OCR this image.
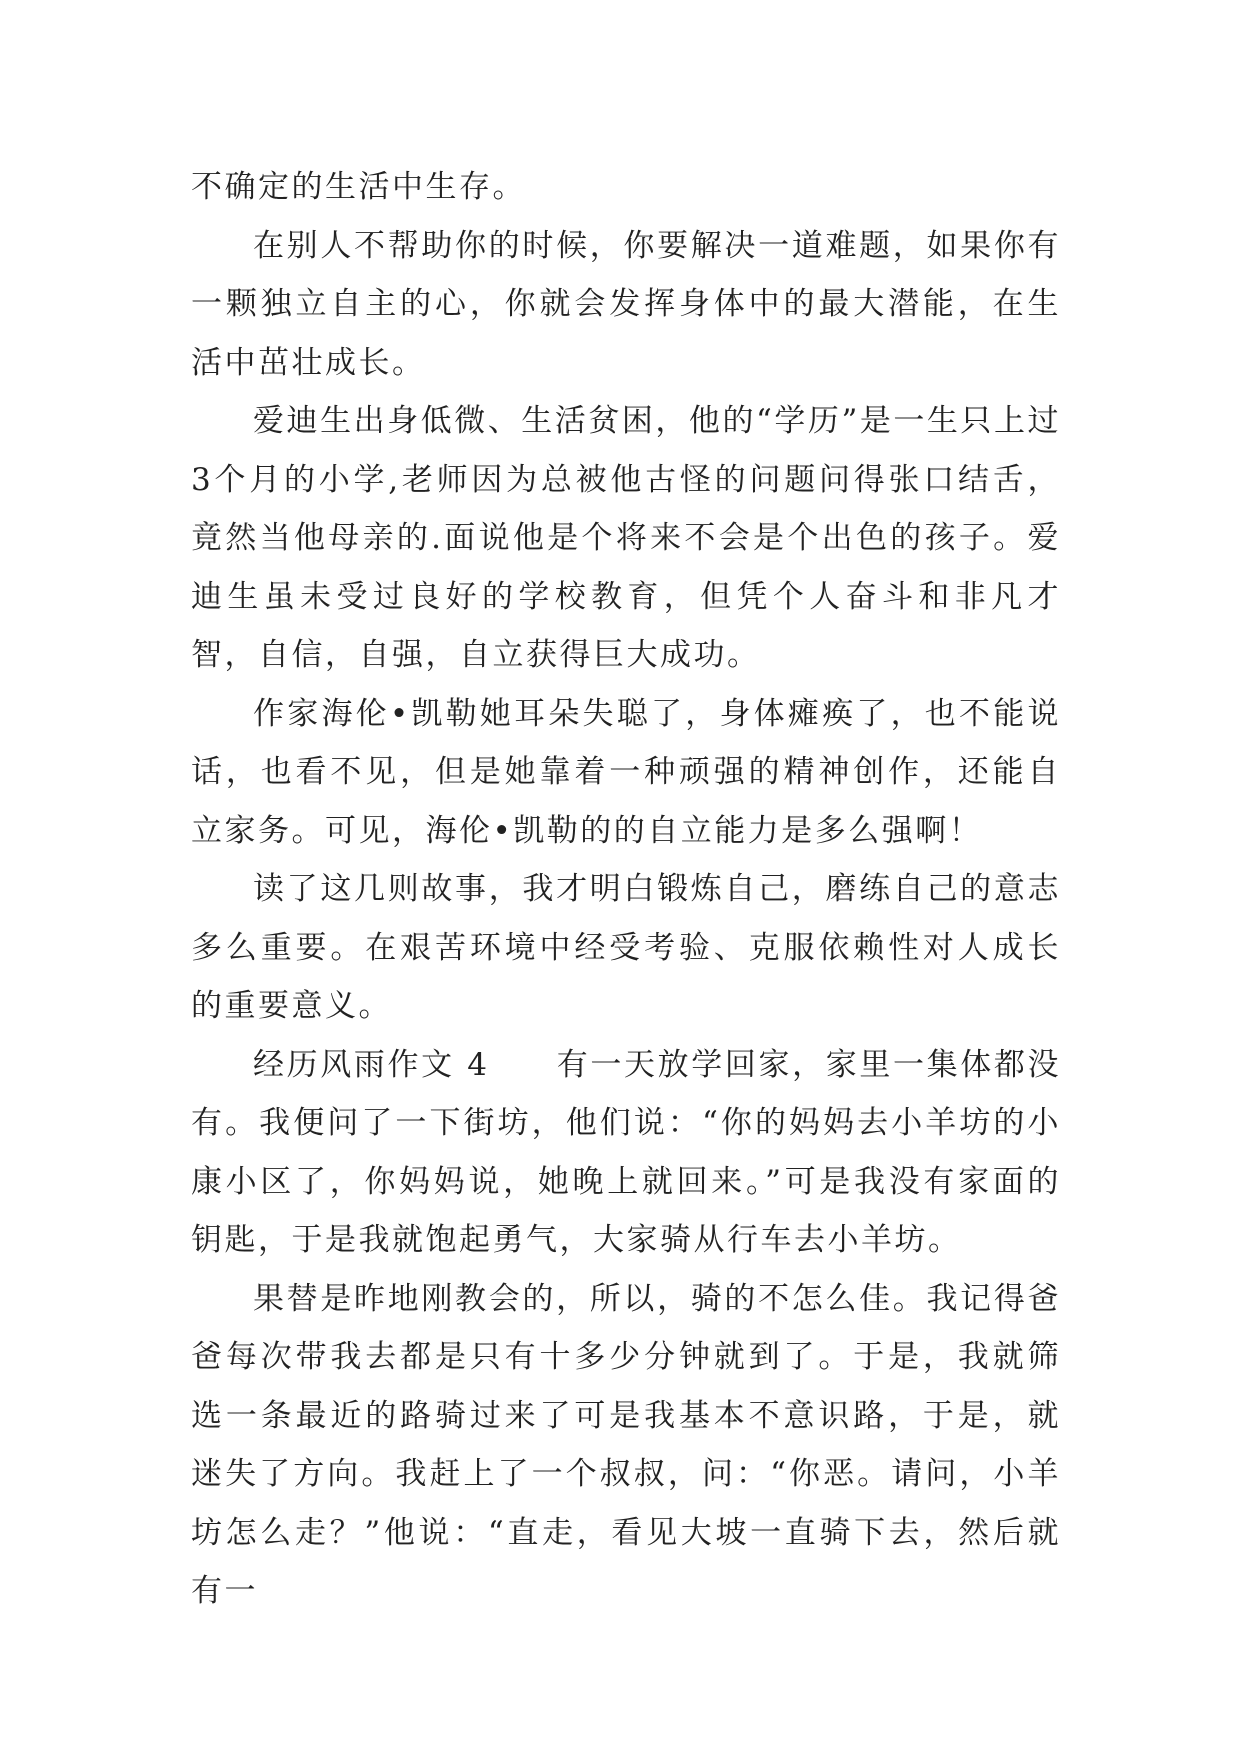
不确定的生活中生存。

在别人不帮助你的时候，你要解决一道难题，如果你有一颗独立自主的心，你就会发挥身体中的最大潜能，在生活中茁壮成长。

爱迪生出身低微、生活贫困，他的“学历”是一生只上过3个月的小学,老师因为总被他古怪的问题问得张口结舌，竟然当他母亲的.面说他是个将来不会是个出色的孩子。爱迪生虽未受过良好的学校教育，但凭个人奋斗和非凡才智，自信，自强，自立获得巨大成功。

作家海伦•凯勒她耳朵失聪了，身体瘫痪了，也不能说话，也看不见，但是她靠着一种顽强的精神创作，还能自立家务。可见，海伦•凯勒的的自立能力是多么强啊！

读了这几则故事，我才明白锻炼自己，磨练自己的意志多么重要。在艰苦环境中经受考验、克服依赖性对人成长的重要意义。

经历风雨作文 4　　有一天放学回家，家里一集体都没有。我便问了一下街坊，他们说：“你的妈妈去小羊坊的小康小区了，你妈妈说，她晚上就回来。”可是我没有家面的钥匙，于是我就饱起勇气，大家骑从行车去小羊坊。

果替是昨地刚教会的，所以，骑的不怎么佳。我记得爸爸每次带我去都是只有十多少分钟就到了。于是，我就筛选一条最近的路骑过来了可是我基本不意识路，于是，就迷失了方向。我赶上了一个叔叔，问：“你恶。请问，小羊坊怎么走？”他说：“直走，看见大坡一直骑下去，然后就有一
